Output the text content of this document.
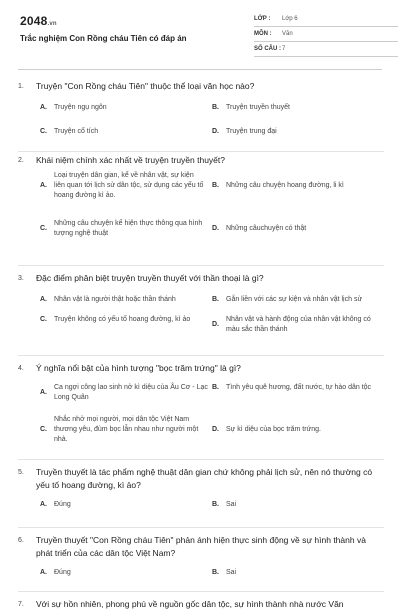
2048.vn
Trắc nghiệm Con Rồng cháu Tiên có đáp án
LỚP :	Lớp 6
MÔN :	Văn
SỐ CÂU : 7
1.	Truyện "Con Rồng cháu Tiên" thuộc thể loại văn học nào?
A.	Truyện ngụ ngôn	B.	Truyện truyền thuyết
C.	Truyện cổ tích	D.	Truyện trung đại
2.	Khái niệm chính xác nhất về truyện truyền thuyết?
A.
Loại truyện dân gian, kể về nhân vật, sự kiện liên quan tới lịch sử dân tộc, sử dụng các yếu tố hoang đường kì ảo.
B.	Những câu chuyện hoang đường, li kì
C.
Những câu chuyện kể hiện thực thông qua hình tượng nghệ thuật
D.	Những câuchuyện có thật
3.	Đặc điểm phân biệt truyện truyền thuyết với thần thoại là gì?
A.	Nhân vật là người thật hoặc thần thánh	B.	Gắn liền với các sự kiện và nhân vật lịch sử
C.	Truyện không có yếu tố hoang đường, kì ảo
D.
Nhân vật và hành động của nhân vật không có màu sắc thần thánh
4.	Ý nghĩa nổi bật của hình tượng "bọc trăm trứng" là gì?
A.
Ca ngợi công lao sinh nở kì diệu của Âu Cơ - Lạc Long Quân
B.	Tình yêu quê hương, đất nước, tự hào dân tộc
C.
Nhắc nhở mọi người, mọi dân tộc Việt Nam thương yêu, đùm bọc lẫn nhau như người một nhà.
D.	Sự kì diệu của bọc trăm trứng.
5.	Truyền thuyết là tác phẩm nghệ thuật dân gian chứ không phải lịch sử, nên nó thường có yếu tố hoang đường, kì ảo?
A.	Đúng	B.	Sai
6.	Truyền thuyết "Con Rồng cháu Tiên" phản ánh hiện thực sinh động về sự hình thành và phát triển của các dân tộc Việt Nam?
A.	Đúng	B.	Sai
7.	Với sự hồn nhiên, phong phú về nguồn gốc dân tộc, sự hình thành nhà nước Văn
